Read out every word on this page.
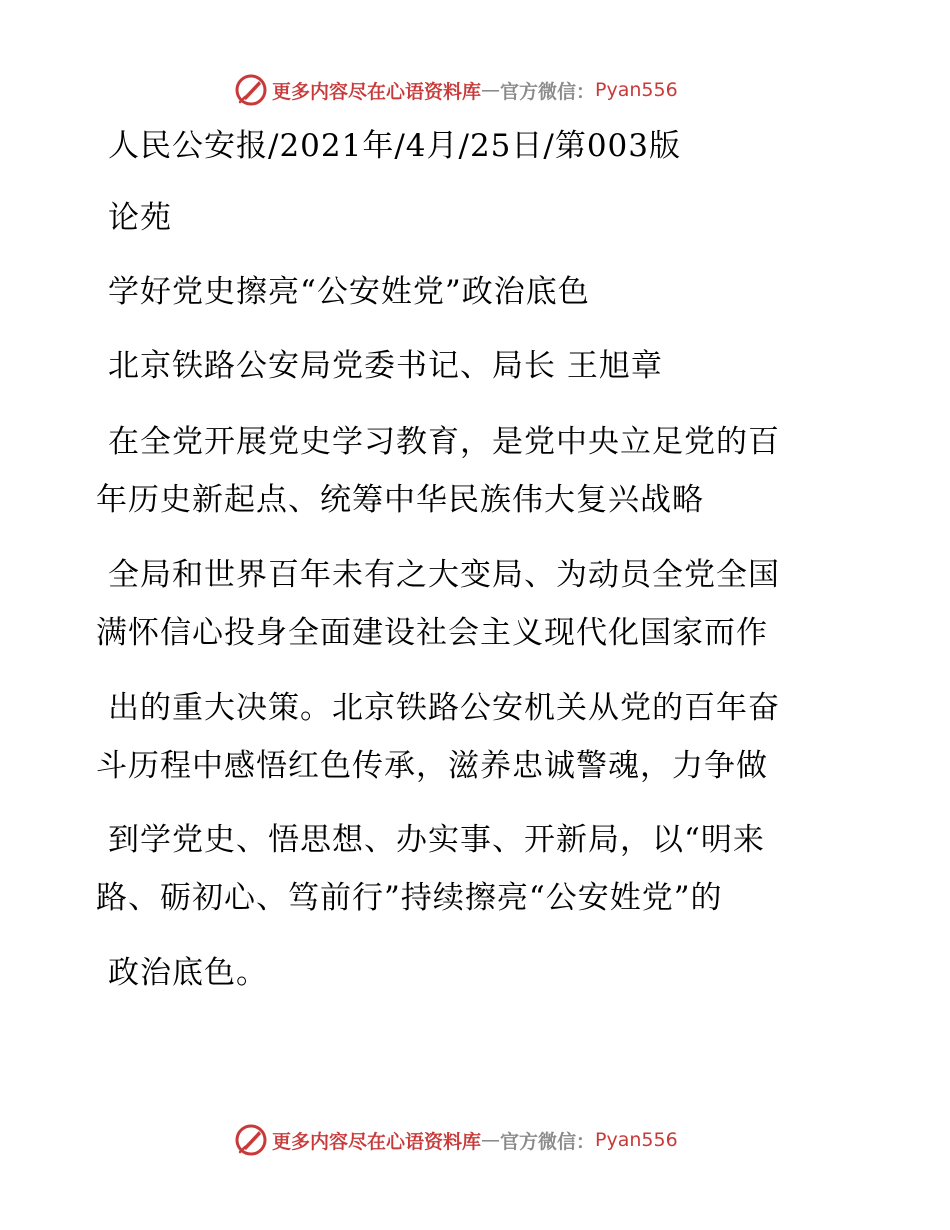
更多内容尽在心语资料库 — 官方微信： Pyan556
人民公安报/2021年/4月/25日/第003版
论苑
学好党史擦亮“公安姓党”政治底色
北京铁路公安局党委书记、局长 王旭章
在全党开展党史学习教育，是党中央立足党的百
年历史新起点、统筹中华民族伟大复兴战略
全局和世界百年未有之大变局、为动员全党全国
满怀信心投身全面建设社会主义现代化国家而作
出的重大决策。北京铁路公安机关从党的百年奋
斗历程中感悟红色传承，滋养忠诚警魂，力争做
到学党史、悟思想、办实事、开新局，以“明来
路、砺初心、笃前行”持续擦亮“公安姓党”的
政治底色。
更多内容尽在心语资料库 — 官方微信： Pyan556
